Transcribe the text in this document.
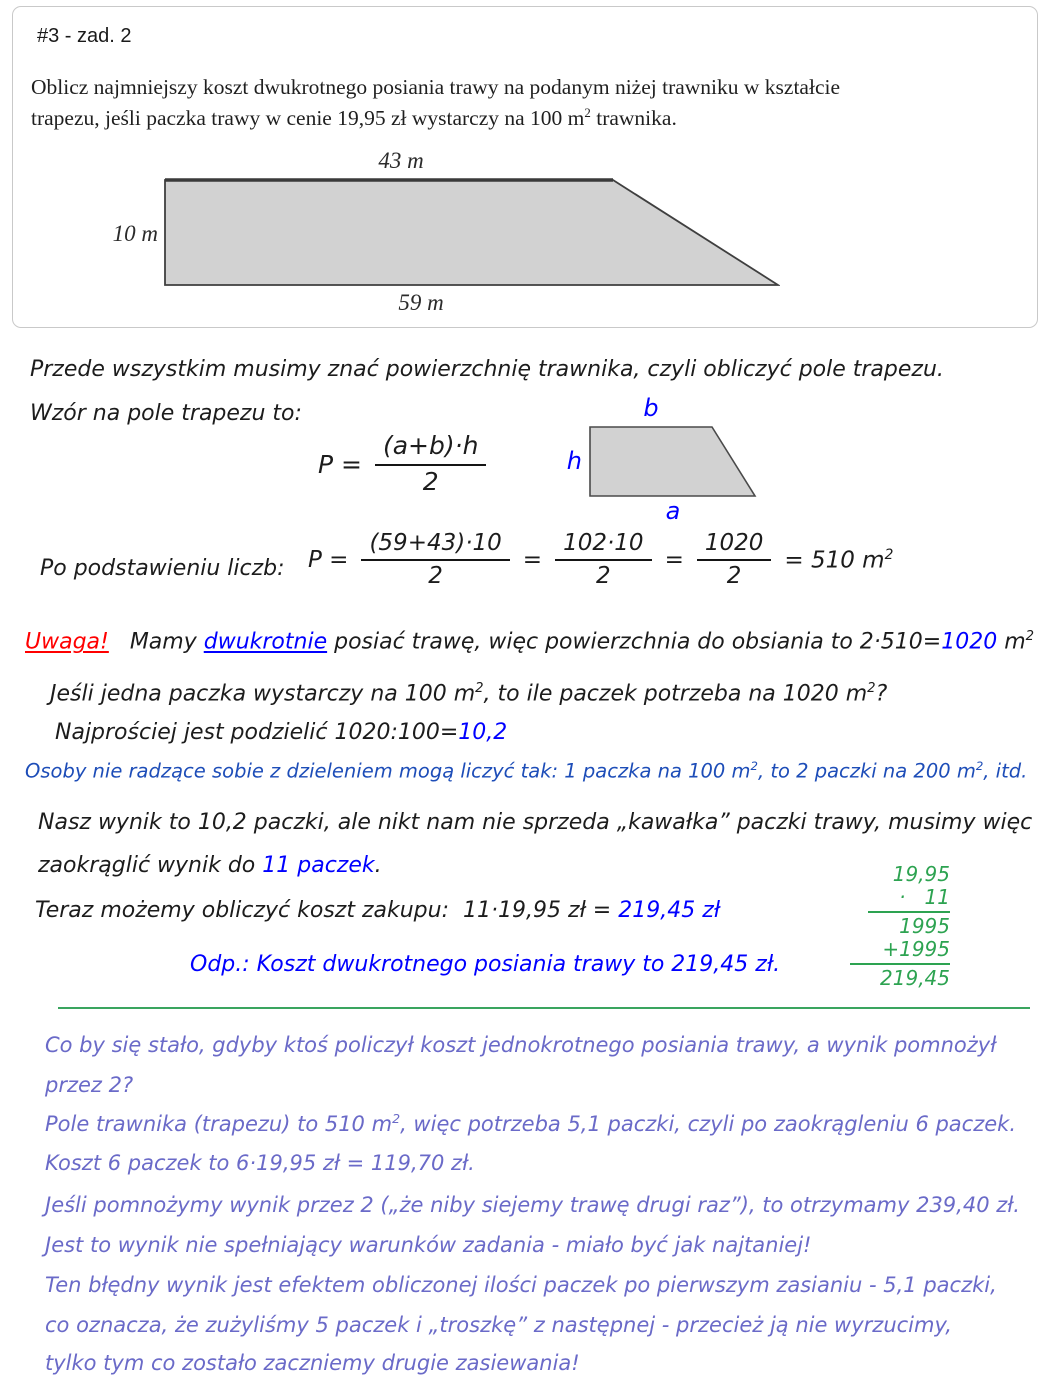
#3 - zad. 2
Oblicz najmniejszy koszt dwukrotnego posiania trawy na podanym niżej trawniku w kształcie
trapezu, jeśli paczka trawy w cenie 19,95 zł wystarczy na 100 $m^2$ trawnika.
43 m
10 m
59 m
Przede wszystkim musimy znać powierzchnię trawnika, czyli obliczyć pole trapezu.
Wzór na pole trapezu to:
$P = \frac{(a+b)\cdot h}{2}$
b
h
a
Po podstawieniu liczb: $P = \frac{(59+43)\cdot 10}{2} = \frac{102\cdot 10}{2} = \frac{1020}{2} = 510$ $m^2$
Uwaga!   Mamy dwukrotnie posiać trawę, więc powierzchnia do obsiania to 2·510=1020 $m^2$
Jeśli jedna paczka wystarczy na 100 $m^2$, to ile paczek potrzeba na 1020 $m^2$?
Najprościej jest podzielić 1020:100=10,2
Osoby nie radzące sobie z dzieleniem mogą liczyć tak: 1 paczka na 100 $m^2$, to 2 paczki na 200 $m^2$, itd.
Nasz wynik to 10,2 paczki, ale nikt nam nie sprzeda „kawałka” paczki trawy, musimy więc
zaokrąglić wynik do 11 paczek.
Teraz możemy obliczyć koszt zakupu:  11·19,95 zł = 219,45 zł
Odp.: Koszt dwukrotnego posiania trawy to 219,45 zł.
19,95
·   11
1995
+1995
219,45
Co by się stało, gdyby ktoś policzył koszt jednokrotnego posiania trawy, a wynik pomnożył
przez 2?
Pole trawnika (trapezu) to 510 $m^2$, więc potrzeba 5,1 paczki, czyli po zaokrągleniu 6 paczek.
Koszt 6 paczek to 6·19,95 zł = 119,70 zł.
Jeśli pomnożymy wynik przez 2 („że niby siejemy trawę drugi raz”), to otrzymamy 239,40 zł.
Jest to wynik nie spełniający warunków zadania - miało być jak najtaniej!
Ten błędny wynik jest efektem obliczonej ilości paczek po pierwszym zasianiu - 5,1 paczki,
co oznacza, że zużyliśmy 5 paczek i „troszkę” z następnej - przecież ją nie wyrzucimy,
tylko tym co zostało zaczniemy drugie zasiewania!
